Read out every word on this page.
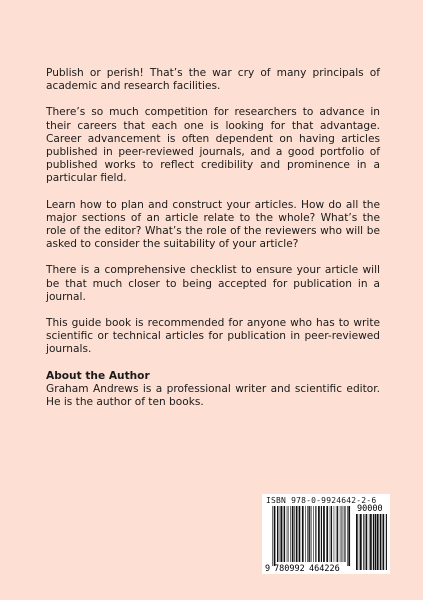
Publish or perish! That’s the war cry of many principals of academic and research facilities.

There’s so much competition for researchers to advance in their careers that each one is looking for that advantage. Career advancement is often dependent on having articles published in peer-reviewed journals, and a good portfolio of published works to reflect credibility and prominence in a particular field.

Learn how to plan and construct your articles. How do all the major sections of an article relate to the whole? What’s the role of the editor? What’s the role of the reviewers who will be asked to consider the suitability of your article?

There is a comprehensive checklist to ensure your article will be that much closer to being accepted for publication in a journal.

This guide book is recommended for anyone who has to write scientific or technical articles for publication in peer-reviewed journals.

About the Author

Graham Andrews is a professional writer and scientific editor. He is the author of ten books.

ISBN 978-0-9924642-2-6
9 780992 464226
90000
